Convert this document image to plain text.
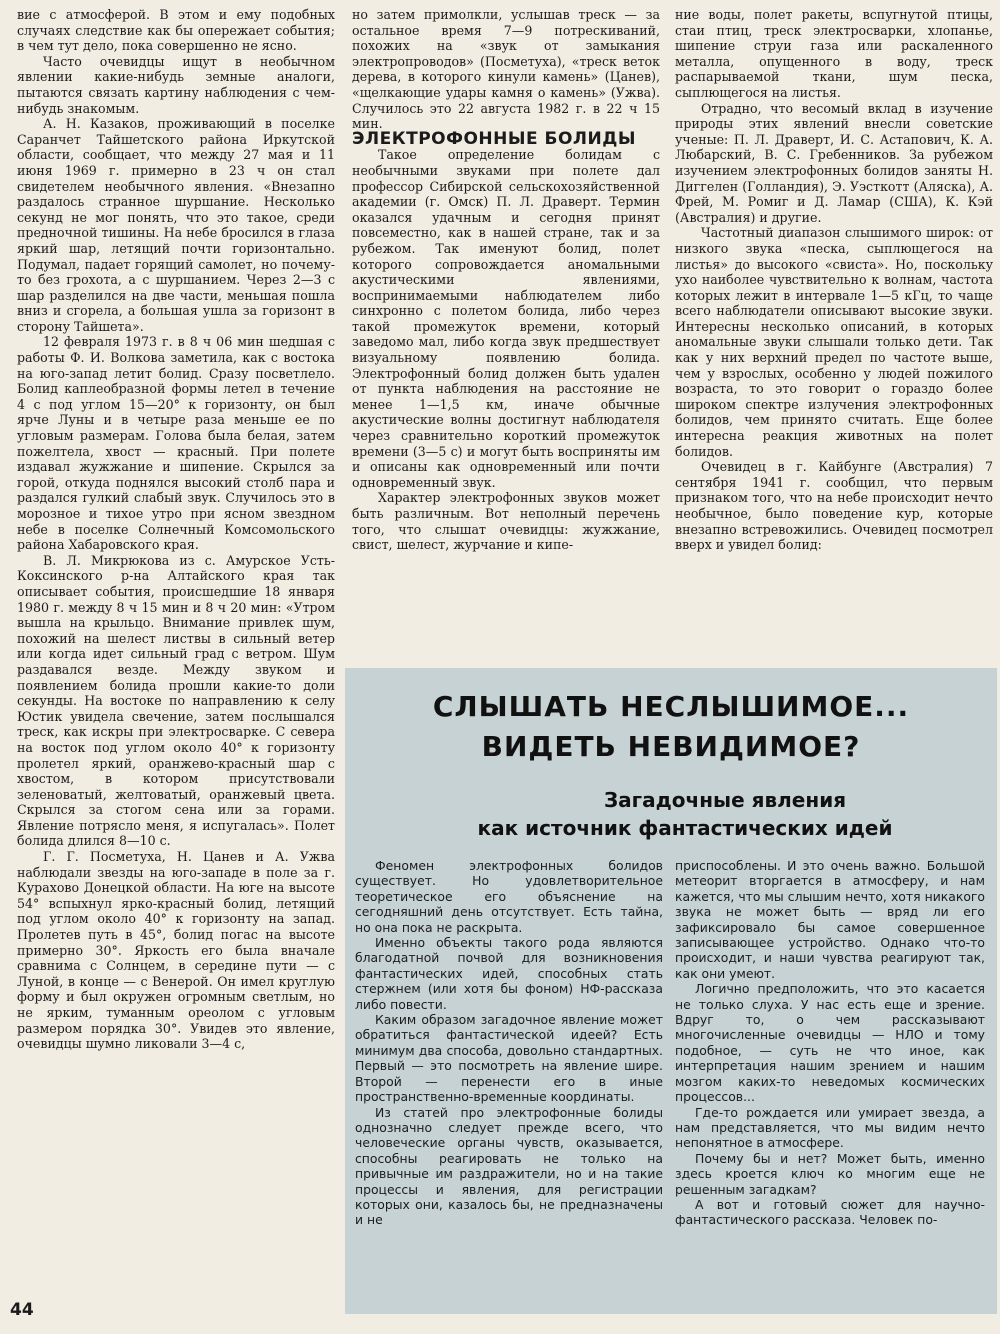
вие с атмосферой. В этом и ему подобных случаях следствие как бы опережает события; в чем тут дело, пока совершенно не ясно.

Часто очевидцы ищут в необычном явлении какие-нибудь земные аналоги, пытаются связать картину наблюдения с чем-нибудь знакомым.

А. Н. Казаков, проживающий в поселке Саранчет Тайшетского района Иркутской области, сообщает, что между 27 мая и 11 июня 1969 г. примерно в 23 ч он стал свидетелем необычного явления. «Внезапно раздалось странное шуршание. Несколько секунд не мог понять, что это такое, среди предночной тишины. На небе бросился в глаза яркий шар, летящий почти горизонтально. Подумал, падает горящий самолет, но почему-то без грохота, а с шуршанием. Через 2—3 с шар разделился на две части, меньшая пошла вниз и сгорела, а большая ушла за горизонт в сторону Тайшета».

12 февраля 1973 г. в 8 ч 06 мин шедшая с работы Ф. И. Волкова заметила, как с востока на юго-запад летит болид. Сразу посветлело. Болид каплеобразной формы летел в течение 4 с под углом 15—20° к горизонту, он был ярче Луны и в четыре раза меньше ее по угловым размерам. Голова была белая, затем пожелтела, хвост — красный. При полете издавал жужжание и шипение. Скрылся за горой, откуда поднялся высокий столб пара и раздался гулкий слабый звук. Случилось это в морозное и тихое утро при ясном звездном небе в поселке Солнечный Комсомольского района Хабаровского края.

В. Л. Микрюкова из с. Амурское Усть-Коксинского р-на Алтайского края так описывает события, происшедшие 18 января 1980 г. между 8 ч 15 мин и 8 ч 20 мин: «Утром вышла на крыльцо. Внимание привлек шум, похожий на шелест листвы в сильный ветер или когда идет сильный град с ветром. Шум раздавался везде. Между звуком и появлением болида прошли какие-то доли секунды. На востоке по направлению к селу Юстик увидела свечение, затем послышался треск, как искры при электросварке. С севера на восток под углом около 40° к горизонту пролетел яркий, оранжево-красный шар с хвостом, в котором присутствовали зеленоватый, желтоватый, оранжевый цвета. Скрылся за стогом сена или за горами. Явление потрясло меня, я испугалась». Полет болида длился 8—10 с.

Г. Г. Посметуха, Н. Цанев и А. Ужва наблюдали звезды на юго-западе в поле за г. Курахово Донецкой области. На юге на высоте 54° вспыхнул ярко-красный болид, летящий под углом около 40° к горизонту на запад. Пролетев путь в 45°, болид погас на высоте примерно 30°. Яркость его была вначале сравнима с Солнцем, в середине пути — с Луной, в конце — с Венерой. Он имел круглую форму и был окружен огромным светлым, но не ярким, туманным ореолом с угловым размером порядка 30°. Увидев это явление, очевидцы шумно ликовали 3—4 с,

но затем примолкли, услышав треск — за остальное время 7—9 потрескиваний, похожих на «звук от замыкания электропроводов» (Посметуха), «треск веток дерева, в которого кинули камень» (Цанев), «щелкающие удары камня о камень» (Ужва). Случилось это 22 августа 1982 г. в 22 ч 15 мин.

ЭЛЕКТРОФОННЫЕ БОЛИДЫ

Такое определение болидам с необычными звуками при полете дал профессор Сибирской сельскохозяйственной академии (г. Омск) П. Л. Драверт. Термин оказался удачным и сегодня принят повсеместно, как в нашей стране, так и за рубежом. Так именуют болид, полет которого сопровождается аномальными акустическими явлениями, воспринимаемыми наблюдателем либо синхронно с полетом болида, либо через такой промежуток времени, который заведомо мал, либо когда звук предшествует визуальному появлению болида. Электрофонный болид должен быть удален от пункта наблюдения на расстояние не менее 1—1,5 км, иначе обычные акустические волны достигнут наблюдателя через сравнительно короткий промежуток времени (3—5 с) и могут быть восприняты им и описаны как одновременный или почти одновременный звук.

Характер электрофонных звуков может быть различным. Вот неполный перечень того, что слышат очевидцы: жужжание, свист, шелест, журчание и кипе-

ние воды, полет ракеты, вспугнутой птицы, стаи птиц, треск электросварки, хлопанье, шипение струи газа или раскаленного металла, опущенного в воду, треск распарываемой ткани, шум песка, сыплющегося на листья.

Отрадно, что весомый вклад в изучение природы этих явлений внесли советские ученые: П. Л. Драверт, И. С. Астапович, К. А. Любарский, В. С. Гребенников. За рубежом изучением электрофонных болидов заняты Н. Диггелен (Голландия), Э. Уэсткотт (Аляска), А. Фрей, М. Ромиг и Д. Ламар (США), К. Кэй (Австралия) и другие.

Частотный диапазон слышимого широк: от низкого звука «песка, сыплющегося на листья» до высокого «свиста». Но, поскольку ухо наиболее чувствительно к волнам, частота которых лежит в интервале 1—5 кГц, то чаще всего наблюдатели описывают высокие звуки. Интересны несколько описаний, в которых аномальные звуки слышали только дети. Так как у них верхний предел по частоте выше, чем у взрослых, особенно у людей пожилого возраста, то это говорит о гораздо более широком спектре излучения электрофонных болидов, чем принято считать. Еще более интересна реакция животных на полет болидов.

Очевидец в г. Кайбунге (Австралия) 7 сентября 1941 г. сообщил, что первым признаком того, что на небе происходит нечто необычное, было поведение кур, которые внезапно встревожились. Очевидец посмотрел вверх и увидел болид:

СЛЫШАТЬ НЕСЛЫШИМОЕ...
ВИДЕТЬ НЕВИДИМОЕ?
Загадочные явления
как источник фантастических идей

Феномен электрофонных болидов существует. Но удовлетворительное теоретическое его объяснение на сегодняшний день отсутствует. Есть тайна, но она пока не раскрыта.

Именно объекты такого рода являются благодатной почвой для возникновения фантастических идей, способных стать стержнем (или хотя бы фоном) НФ-рассказа либо повести.

Каким образом загадочное явление может обратиться фантастической идеей? Есть минимум два способа, довольно стандартных. Первый — это посмотреть на явление шире. Второй — перенести его в иные пространственно-временные координаты.

Из статей про электрофонные болиды однозначно следует прежде всего, что человеческие органы чувств, оказывается, способны реагировать не только на привычные им раздражители, но и на такие процессы и явления, для регистрации которых они, казалось бы, не предназначены и не

приспособлены. И это очень важно. Большой метеорит вторгается в атмосферу, и нам кажется, что мы слышим нечто, хотя никакого звука не может быть — вряд ли его зафиксировало бы самое совершенное записывающее устройство. Однако что-то происходит, и наши чувства реагируют так, как они умеют.

Логично предположить, что это касается не только слуха. У нас есть еще и зрение. Вдруг то, о чем рассказывают многочисленные очевидцы — НЛО и тому подобное, — суть не что иное, как интерпретация нашим зрением и нашим мозгом каких-то неведомых космических процессов...

Где-то рождается или умирает звезда, а нам представляется, что мы видим нечто непонятное в атмосфере.

Почему бы и нет? Может быть, именно здесь кроется ключ ко многим еще не решенным загадкам?

А вот и готовый сюжет для научно-фантастического рассказа. Человек по-

44
